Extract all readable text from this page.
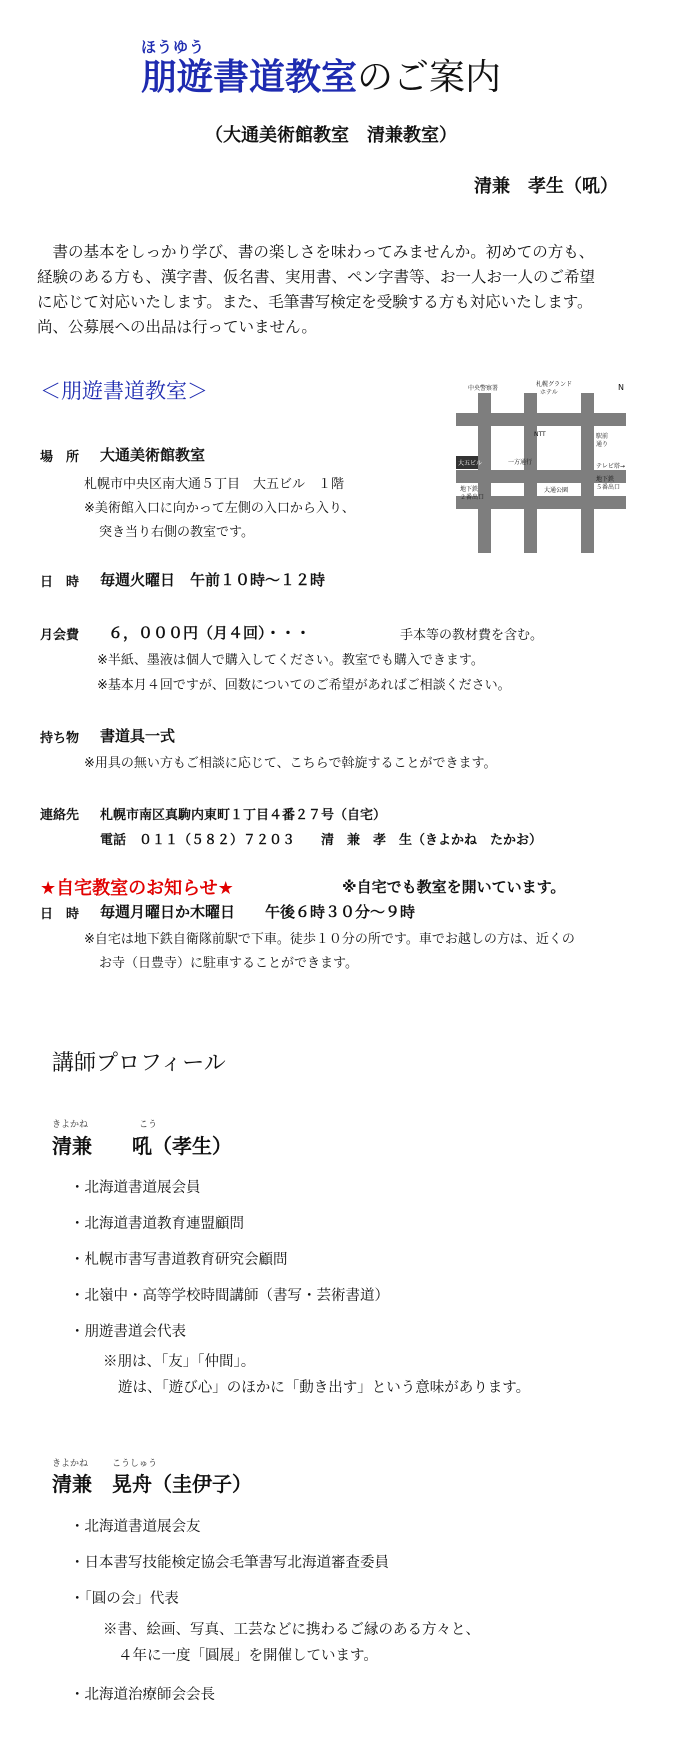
ほうゆう
朋遊書道教室のご案内
（大通美術館教室　清兼教室）
清兼　孝生（吼）
　書の基本をしっかり学び、書の楽しさを味わってみませんか。初めての方も、
経験のある方も、漢字書、仮名書、実用書、ペン字書等、お一人お一人のご希望
に応じて対応いたします。また、毛筆書写検定を受験する方も対応いたします。
尚、公募展への出品は行っていません。
＜朋遊書道教室＞
場　所 大通美術館教室
札幌市中央区南大通５丁目　大五ビル　１階
※美術館入口に向かって左側の入口から入り、
突き当り右側の教室です。
N
中央警察署
札幌グランド
ホテル
NTT	駅前
通り
テレビ塔→
大五ビル	一方通行
大通公園
地下鉄
２番出口
地下鉄
５番出口
日　時 毎週火曜日　午前１０時～１２時
月会費 ６，０００円（月４回）・・・	手本等の教材費を含む。
※半紙、墨液は個人で購入してください。教室でも購入できます。
※基本月４回ですが、回数についてのご希望があればご相談ください。
持ち物 書道具一式
※用具の無い方もご相談に応じて、こちらで斡旋することができます。
連絡先 札幌市南区真駒内東町１丁目４番２７号（自宅）
電話　０１１（５８２）７２０３　　清　兼　孝　生（きよかね　たかお）
★自宅教室のお知らせ★	※自宅でも教室を開いています。
日　時 毎週月曜日か木曜日　　午後６時３０分～９時
※自宅は地下鉄自衛隊前駅で下車。徒歩１０分の所です。車でお越しの方は、近くの
お寺（日豊寺）に駐車することができます。
講師プロフィール
きよかね	こう
清兼　　吼（孝生）
・北海道書道展会員
・北海道書道教育連盟顧問
・札幌市書写書道教育研究会顧問
・北嶺中・高等学校時間講師（書写・芸術書道）
・朋遊書道会代表
※朋は、「友」「仲間」。
遊は、「遊び心」のほかに「動き出す」という意味があります。
きよかね	こうしゅう
清兼　晃舟（圭伊子）
・北海道書道展会友
・日本書写技能検定協会毛筆書写北海道審査委員
・「圓の会」代表
※書、絵画、写真、工芸などに携わるご縁のある方々と、
４年に一度「圓展」を開催しています。
・北海道治療師会会長
